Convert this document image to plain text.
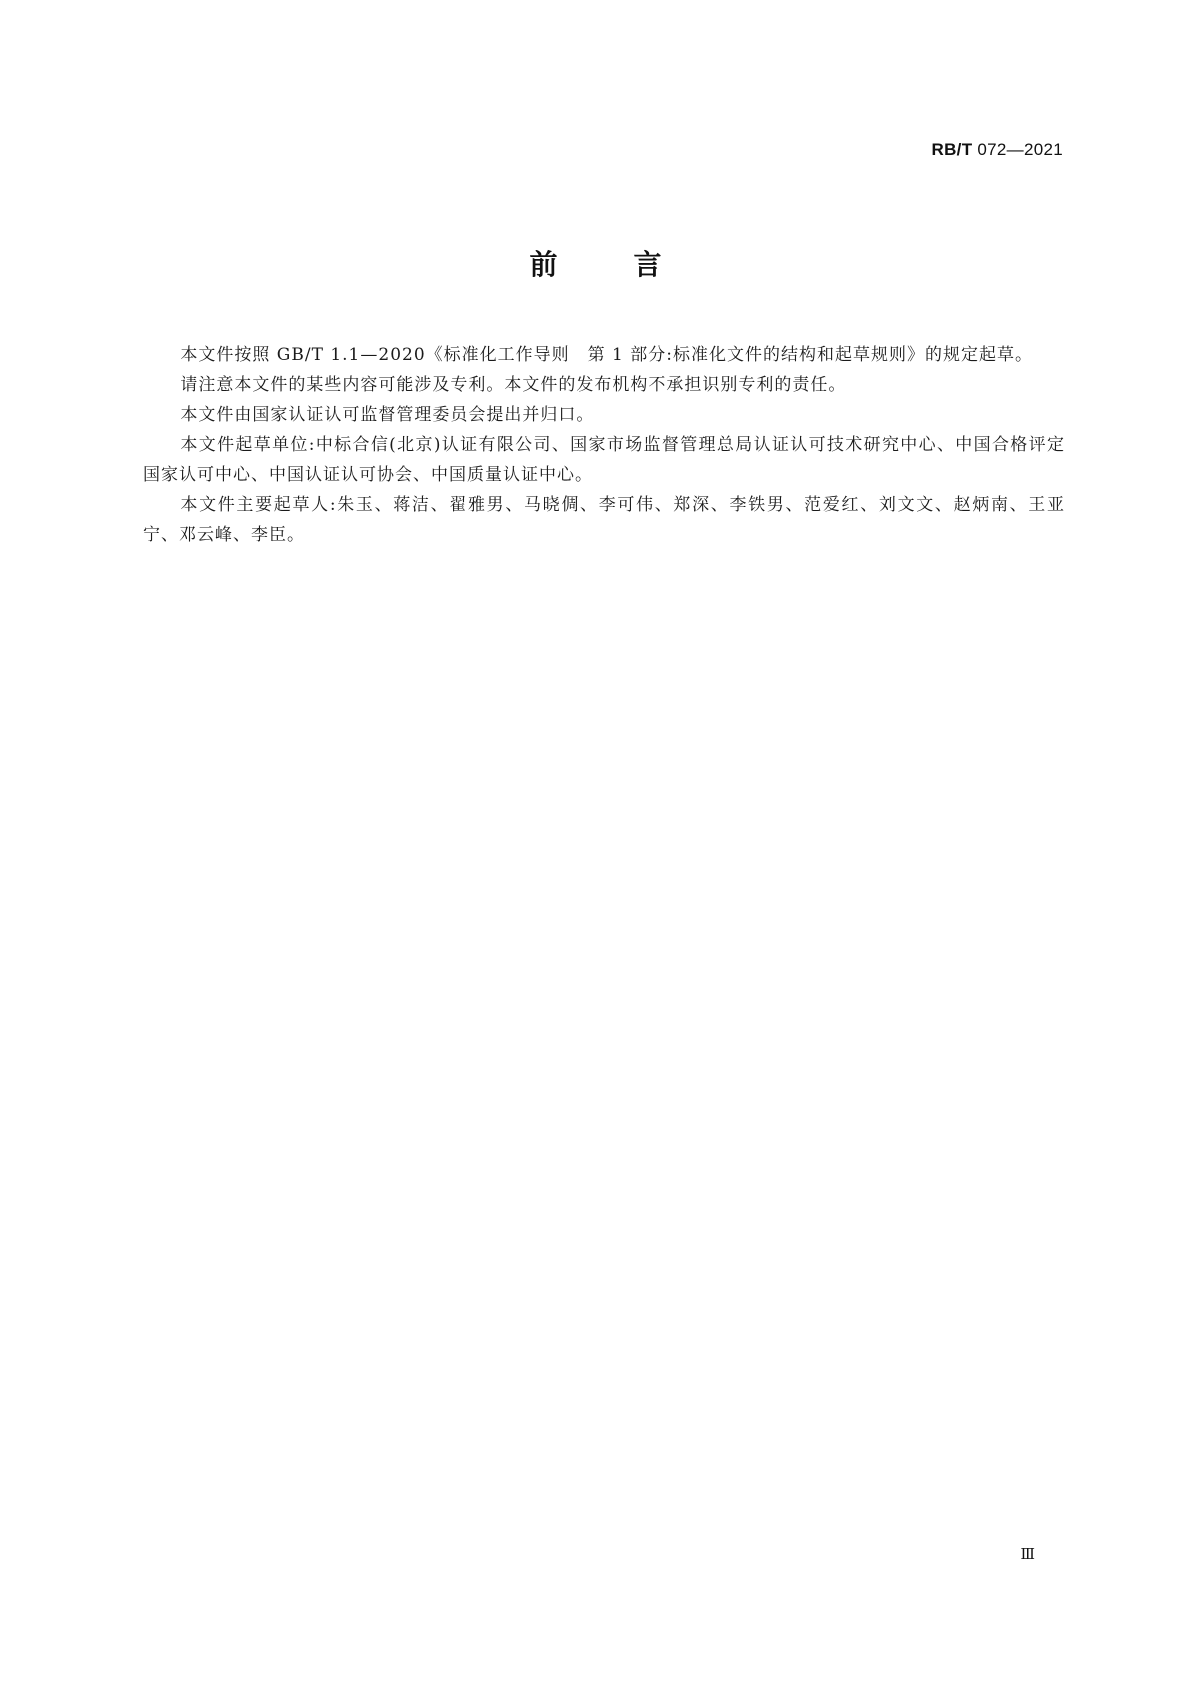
RB/T 072—2021
前	言

本文件按照 GB/T 1.1—2020《标准化工作导则　第 1 部分:标准化文件的结构和起草规则》的规定起草。

请注意本文件的某些内容可能涉及专利。本文件的发布机构不承担识别专利的责任。

本文件由国家认证认可监督管理委员会提出并归口。

本文件起草单位:中标合信(北京)认证有限公司、国家市场监督管理总局认证认可技术研究中心、中国合格评定国家认可中心、中国认证认可协会、中国质量认证中心。

本文件主要起草人:朱玉、蒋洁、翟雅男、马晓倜、李可伟、郑深、李铁男、范爱红、刘文文、赵炳南、王亚宁、邓云峰、李臣。

Ⅲ
